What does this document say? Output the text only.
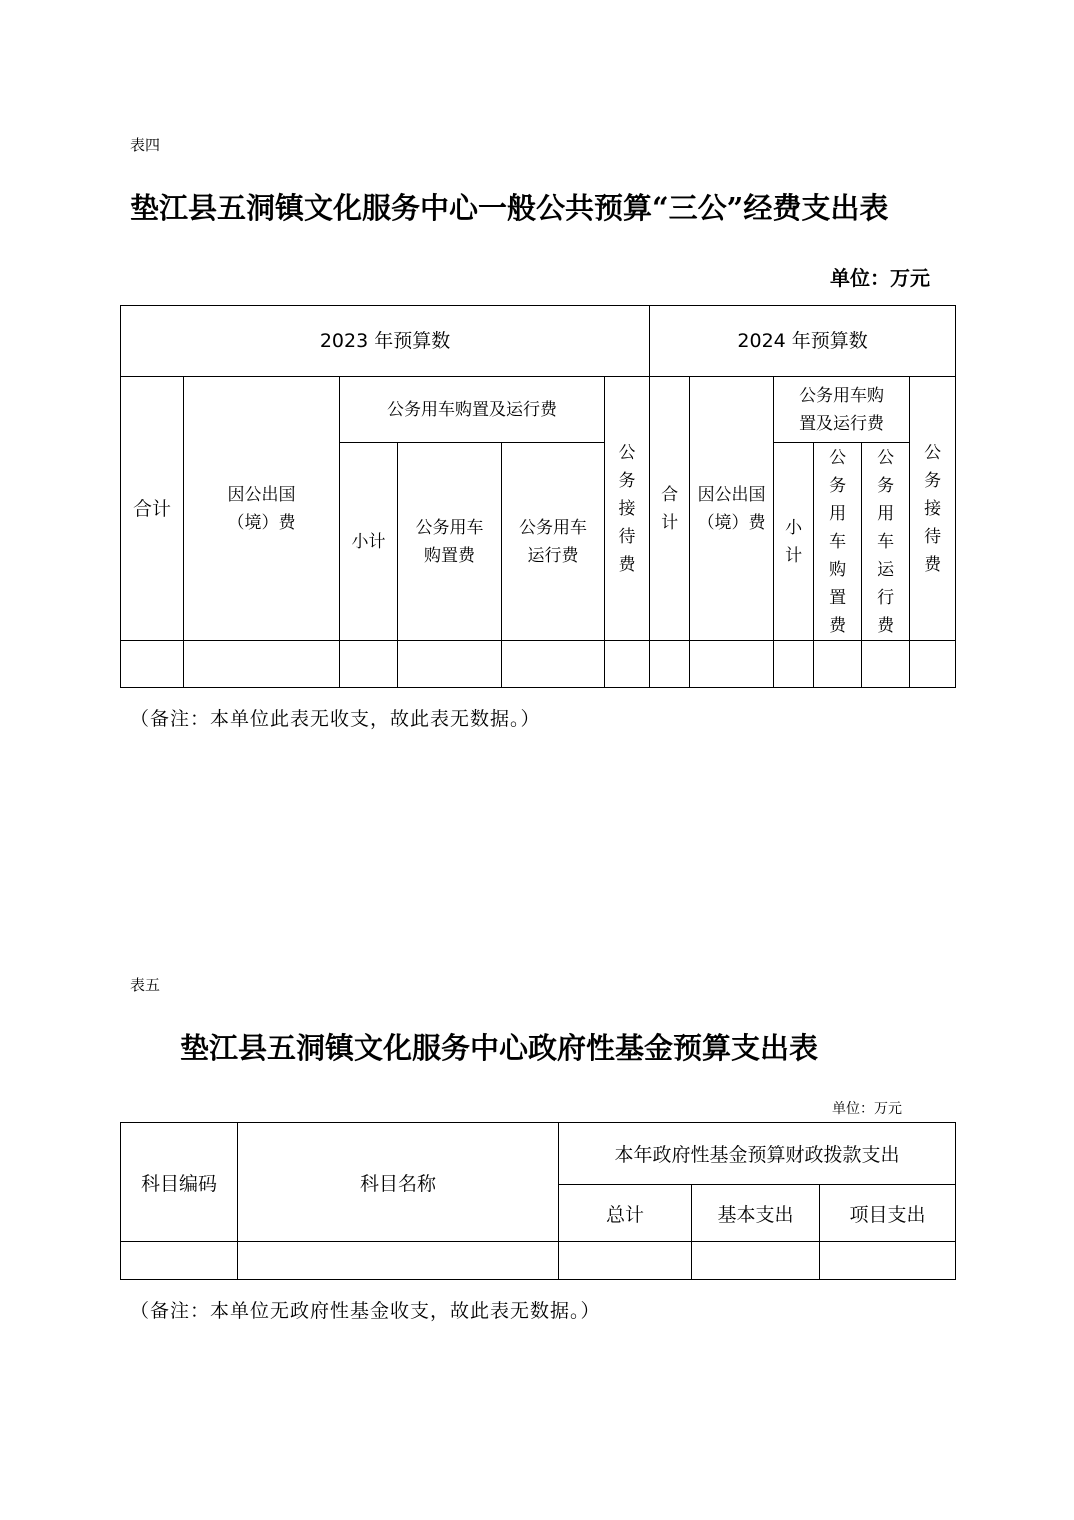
表四
垫江县五洞镇文化服务中心一般公共预算“三公”经费支出表
单位：万元
2023 年预算数						2024 年预算数					
合计	因公出国（境）费	公务用车购置及运行费			公务接待费	合计	因公出国（境）费	公务用车购置及运行费			公务接待费
		小计	公务用车购置费	公务用车运行费				小计	公务用车购置费	公务用车运行费	

（备注：本单位此表无收支，故此表无数据。）
表五
垫江县五洞镇文化服务中心政府性基金预算支出表
单位：万元
科目编码	科目名称	本年政府性基金预算财政拨款支出		
		总计	基本支出	项目支出

（备注：本单位无政府性基金收支，故此表无数据。）
